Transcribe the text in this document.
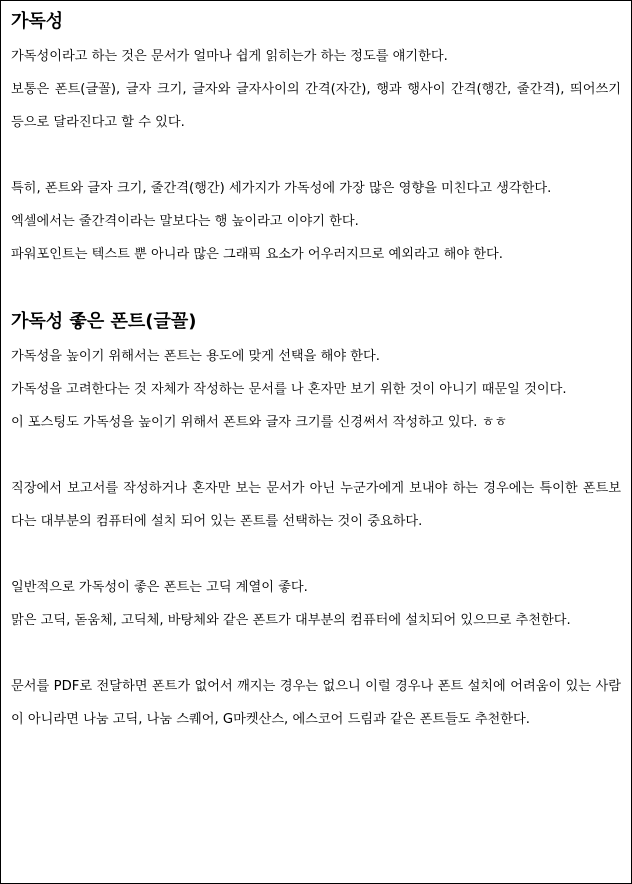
가독성

가독성이라고 하는 것은 문서가 얼마나 쉽게 읽히는가 하는 정도를 얘기한다.

보통은 폰트(글꼴), 글자 크기, 글자와 글자사이의 간격(자간), 행과 행사이 간격(행간, 줄간격), 띄어쓰기 등으로 달라진다고 할 수 있다.

특히, 폰트와 글자 크기, 줄간격(행간) 세가지가 가독성에 가장 많은 영향을 미친다고 생각한다.

엑셀에서는 줄간격이라는 말보다는 행 높이라고 이야기 한다.

파워포인트는 텍스트 뿐 아니라 많은 그래픽 요소가 어우러지므로 예외라고 해야 한다.

가독성 좋은 폰트(글꼴)

가독성을 높이기 위해서는 폰트는 용도에 맞게 선택을 해야 한다.

가독성을 고려한다는 것 자체가 작성하는 문서를 나 혼자만 보기 위한 것이 아니기 때문일 것이다.

이 포스팅도 가독성을 높이기 위해서 폰트와 글자 크기를 신경써서 작성하고 있다. ㅎㅎ

직장에서 보고서를 작성하거나 혼자만 보는 문서가 아닌 누군가에게 보내야 하는 경우에는 특이한 폰트보다는 대부분의 컴퓨터에 설치 되어 있는 폰트를 선택하는 것이 중요하다.

일반적으로 가독성이 좋은 폰트는 고딕 계열이 좋다.

맑은 고딕, 돋움체, 고딕체, 바탕체와 같은 폰트가 대부분의 컴퓨터에 설치되어 있으므로 추천한다.

문서를 PDF로 전달하면 폰트가 없어서 깨지는 경우는 없으니 이럴 경우나 폰트 설치에 어려움이 있는 사람이 아니라면 나눔 고딕, 나눔 스퀘어, G마켓산스, 에스코어 드림과 같은 폰트들도 추천한다.
